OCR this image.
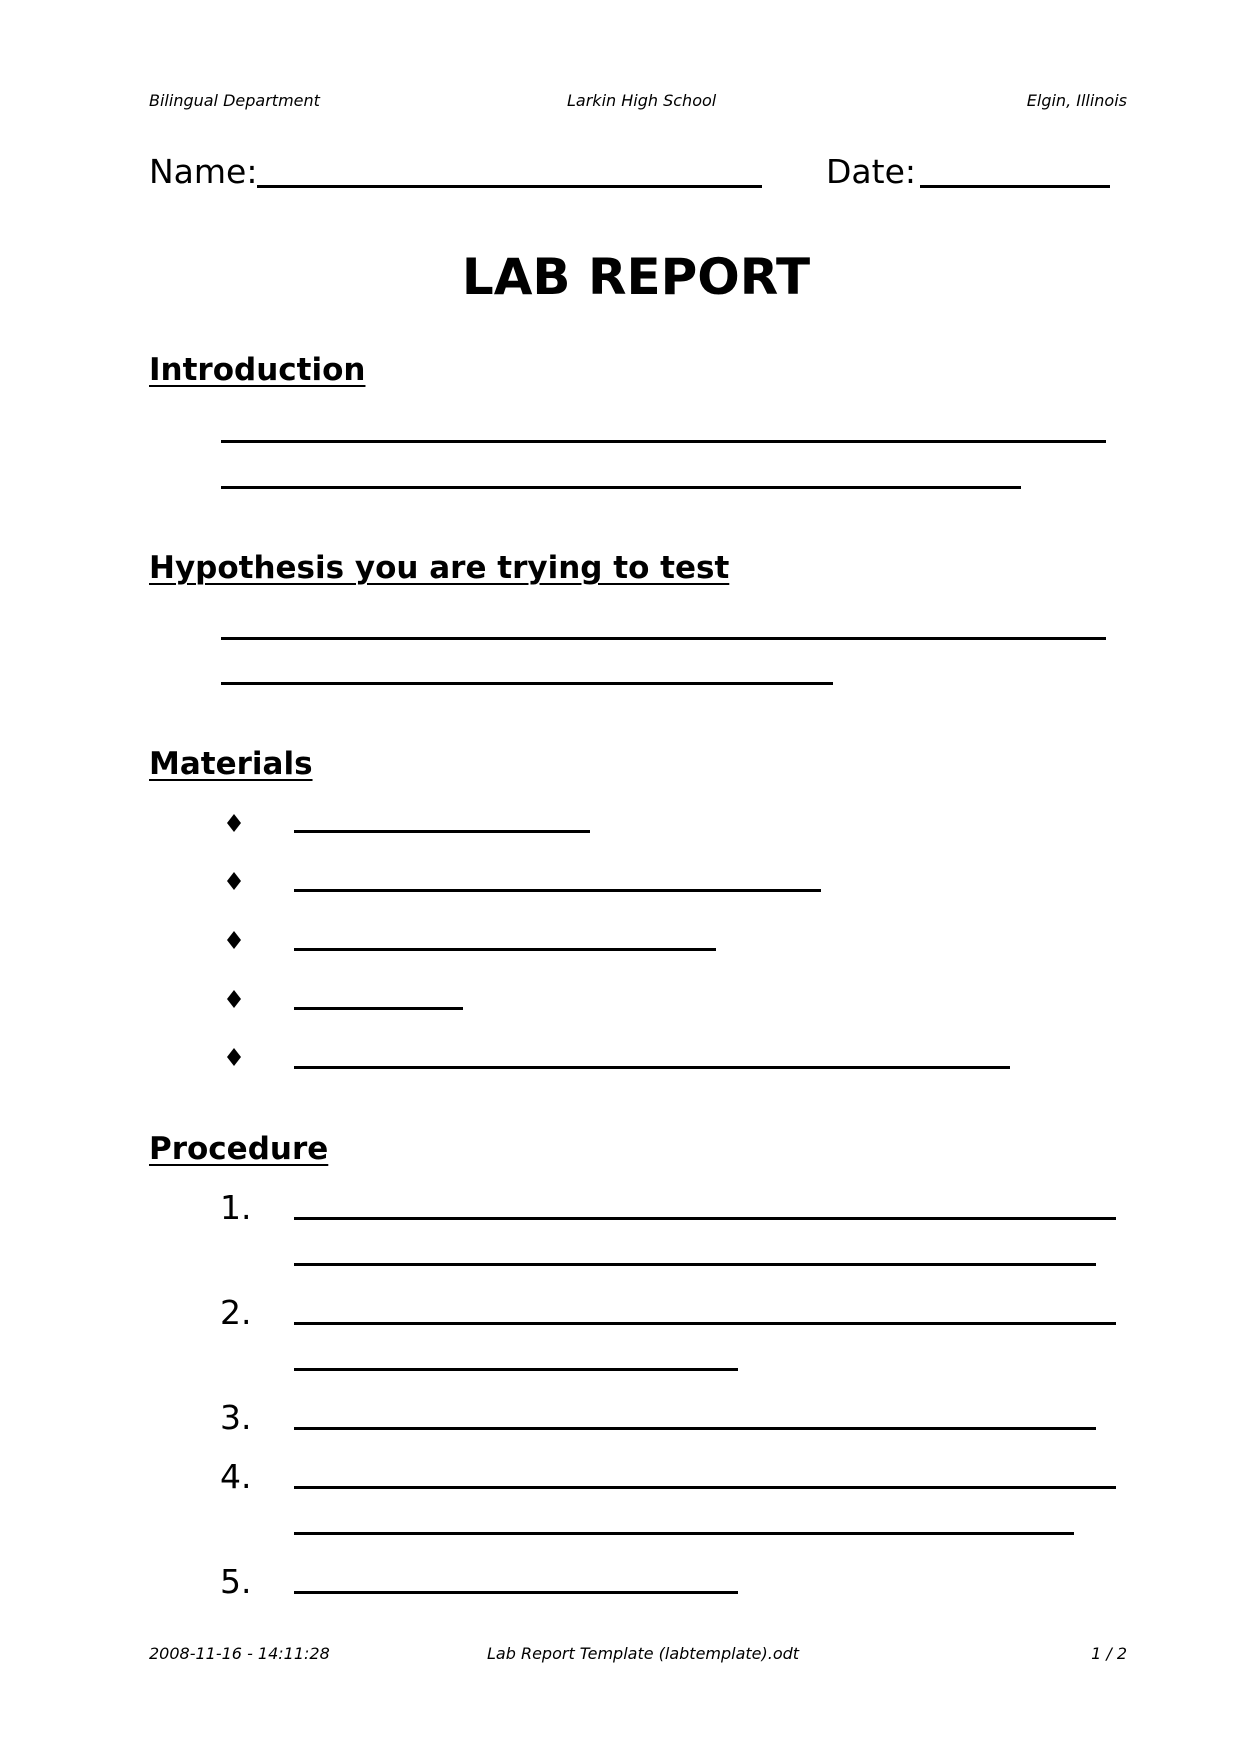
Bilingual Department	Larkin High School	Elgin, Illinois
Name:	Date:
LAB REPORT
Introduction
Hypothesis you are trying to test
Materials
Procedure
1.
2.
3.
4.
5.
2008-11-16 - 14:11:28	Lab Report Template (labtemplate).odt	1 / 2
